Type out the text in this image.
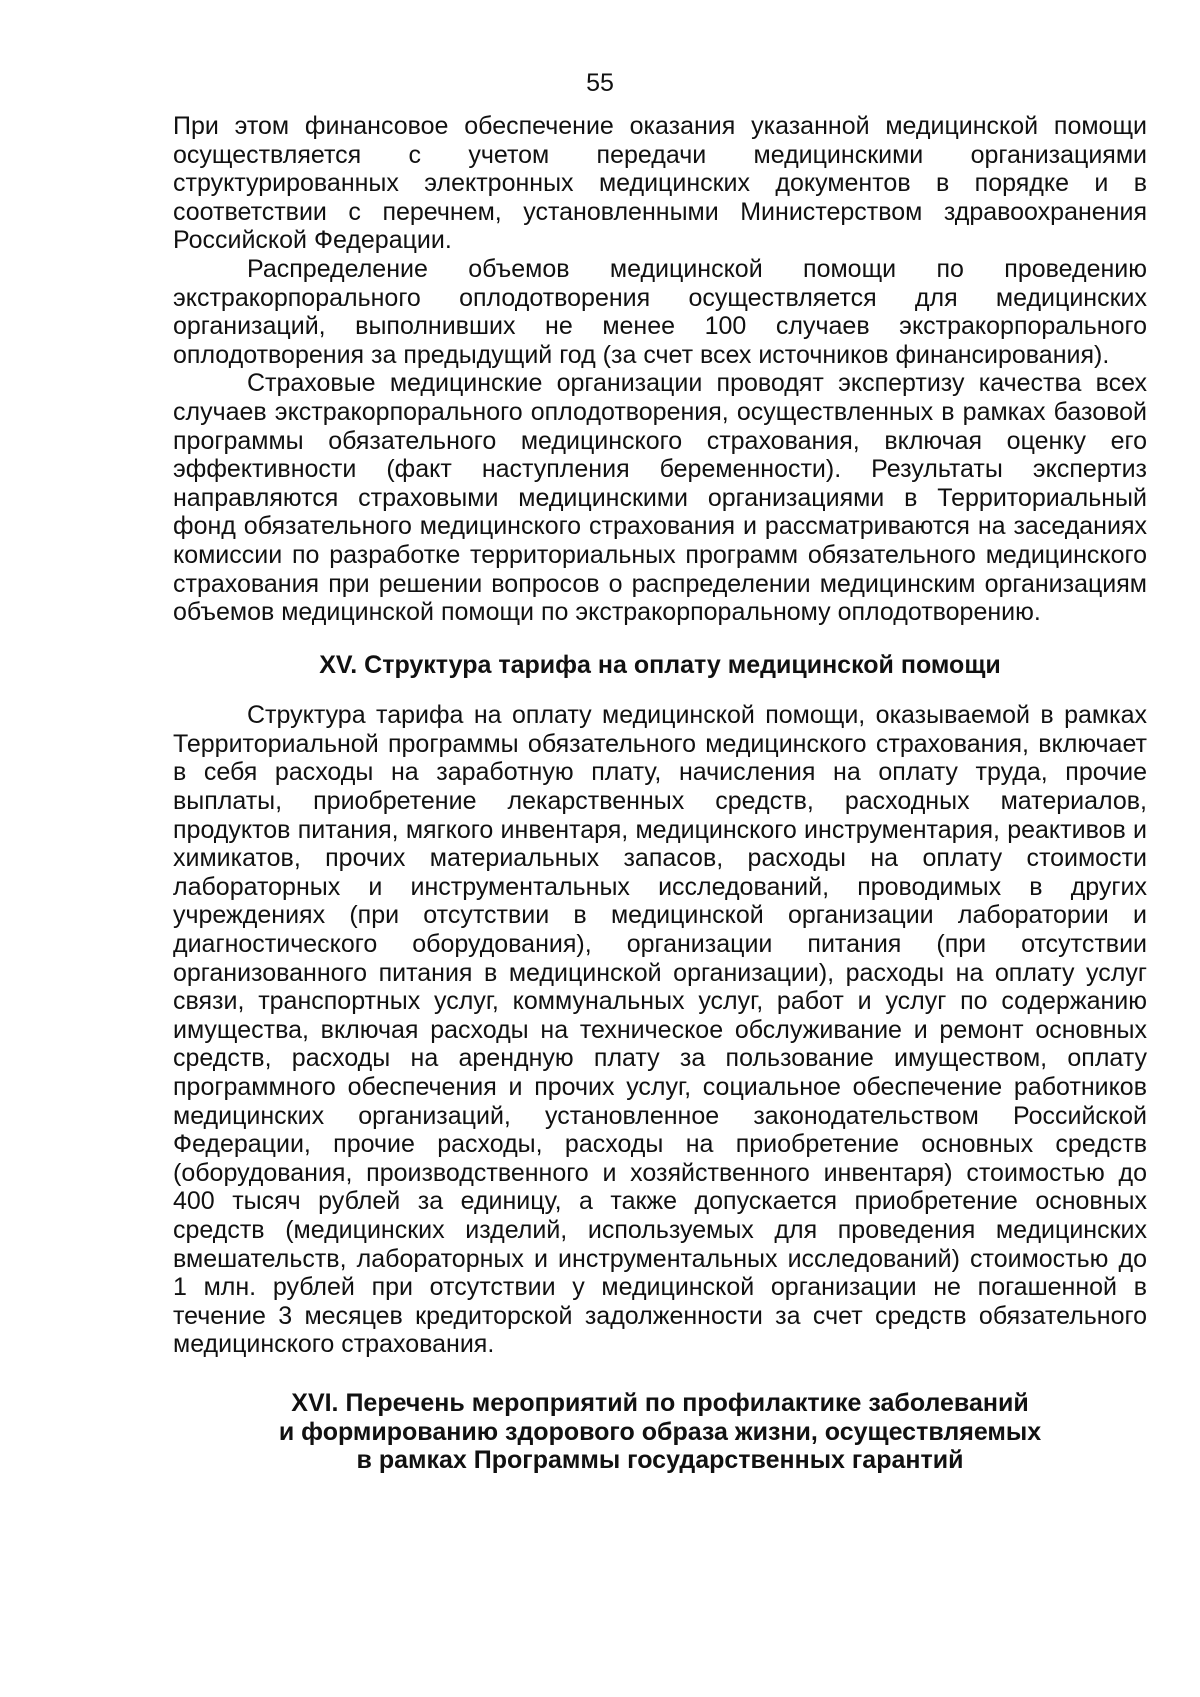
55

При этом финансовое обеспечение оказания указанной медицинской помощи осуществляется с учетом передачи медицинскими организациями структурированных электронных медицинских документов в порядке и в соответствии с перечнем, установленными Министерством здравоохранения Российской Федерации.

Распределение объемов медицинской помощи по проведению экстракорпорального оплодотворения осуществляется для медицинских организаций, выполнивших не менее 100 случаев экстракорпорального оплодотворения за предыдущий год (за счет всех источников финансирования).

Страховые медицинские организации проводят экспертизу качества всех случаев экстракорпорального оплодотворения, осуществленных в рамках базовой программы обязательного медицинского страхования, включая оценку его эффективности (факт наступления беременности). Результаты экспертиз направляются страховыми медицинскими организациями в Территориальный фонд обязательного медицинского страхования и рассматриваются на заседаниях комиссии по разработке территориальных программ обязательного медицинского страхования при решении вопросов о распределении медицинским организациям объемов медицинской помощи по экстракорпоральному оплодотворению.

XV. Структура тарифа на оплату медицинской помощи

Структура тарифа на оплату медицинской помощи, оказываемой в рамках Территориальной программы обязательного медицинского страхования, включает в себя расходы на заработную плату, начисления на оплату труда, прочие выплаты, приобретение лекарственных средств, расходных материалов, продуктов питания, мягкого инвентаря, медицинского инструментария, реактивов и химикатов, прочих материальных запасов, расходы на оплату стоимости лабораторных и инструментальных исследований, проводимых в других учреждениях (при отсутствии в медицинской организации лаборатории и диагностического оборудования), организации питания (при отсутствии организованного питания в медицинской организации), расходы на оплату услуг связи, транспортных услуг, коммунальных услуг, работ и услуг по содержанию имущества, включая расходы на техническое обслуживание и ремонт основных средств, расходы на арендную плату за пользование имуществом, оплату программного обеспечения и прочих услуг, социальное обеспечение работников медицинских организаций, установленное законодательством Российской Федерации, прочие расходы, расходы на приобретение основных средств (оборудования, производственного и хозяйственного инвентаря) стоимостью до 400 тысяч рублей за единицу, а также допускается приобретение основных средств (медицинских изделий, используемых для проведения медицинских вмешательств, лабораторных и инструментальных исследований) стоимостью до 1 млн. рублей при отсутствии у медицинской организации не погашенной в течение 3 месяцев кредиторской задолженности за счет средств обязательного медицинского страхования.

XVI. Перечень мероприятий по профилактике заболеваний
и формированию здорового образа жизни, осуществляемых
в рамках Программы государственных гарантий
